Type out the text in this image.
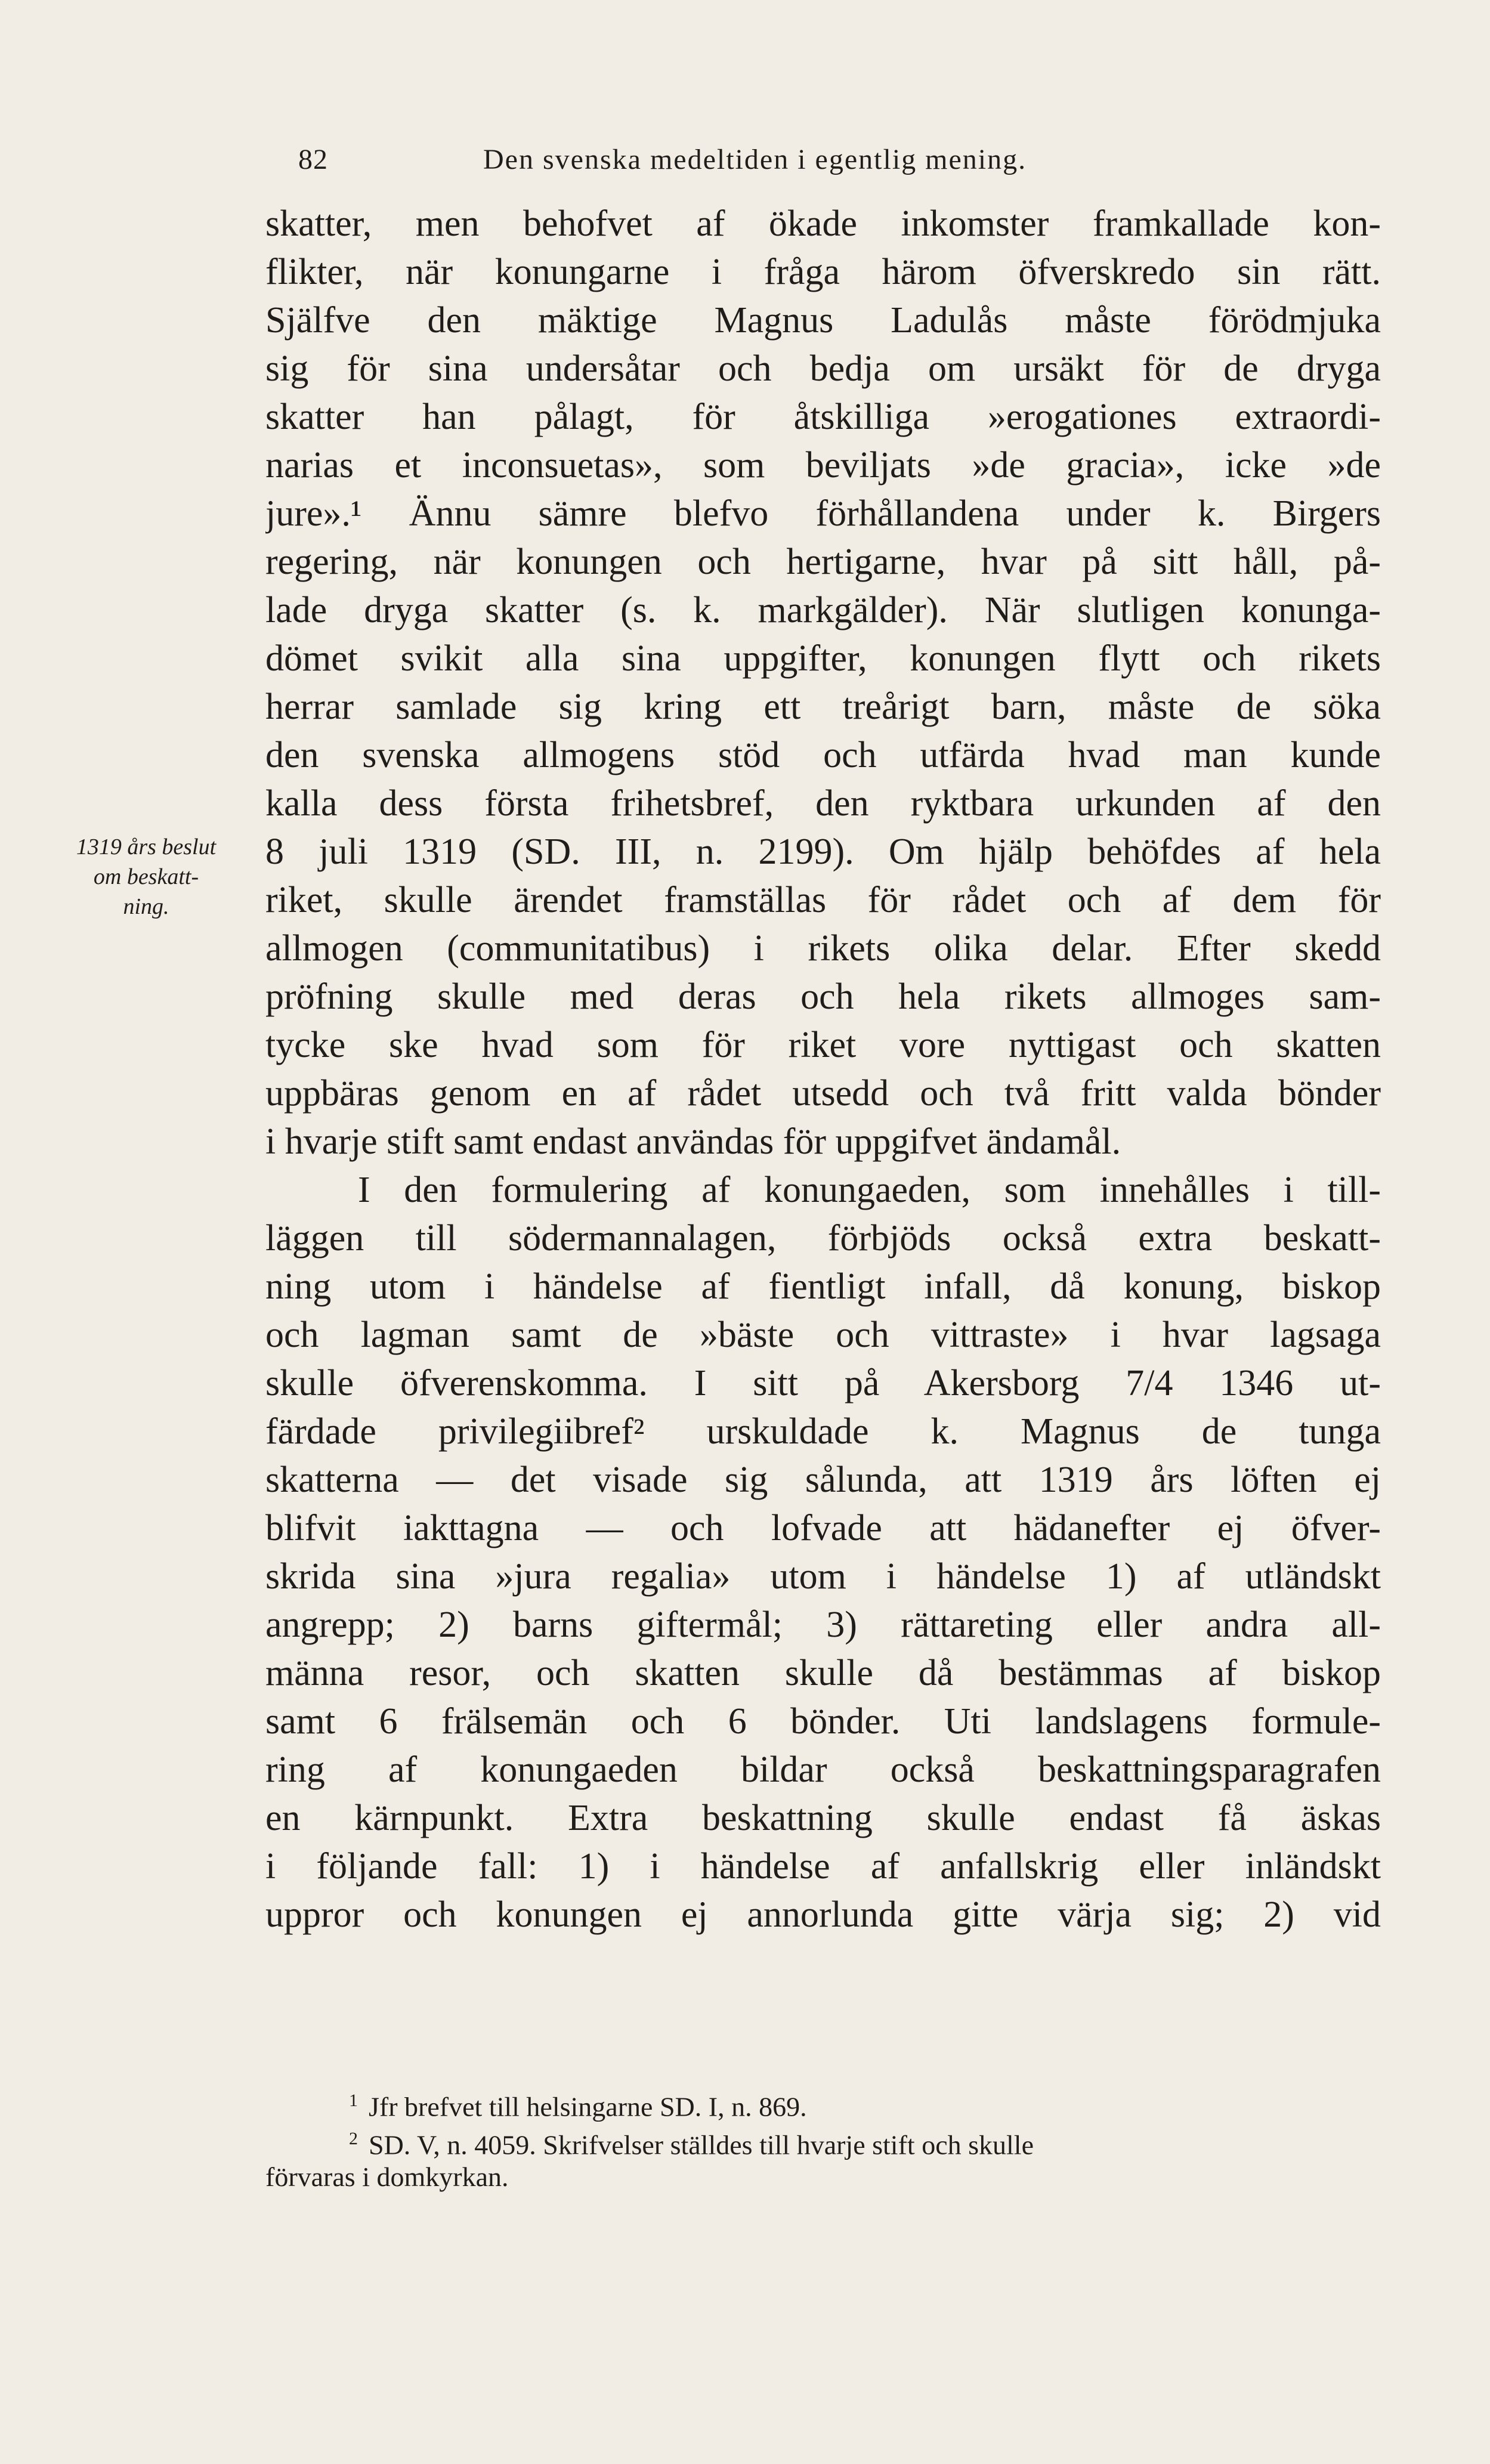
82	Den svenska medeltiden i egentlig mening.
1319 års beslut
om beskatt-
ning.
skatter, men behofvet af ökade inkomster framkallade kon-
flikter, när konungarne i fråga härom öfverskredo sin rätt.
Själfve den mäktige Magnus Ladulås måste förödmjuka
sig för sina undersåtar och bedja om ursäkt för de dryga
skatter han pålagt, för åtskilliga »erogationes extraordi-
narias et inconsuetas», som beviljats »de gracia», icke »de
jure».¹ Ännu sämre blefvo förhållandena under k. Birgers
regering, när konungen och hertigarne, hvar på sitt håll, på-
lade dryga skatter (s. k. markgälder). När slutligen konunga-
dömet svikit alla sina uppgifter, konungen flytt och rikets
herrar samlade sig kring ett treårigt barn, måste de söka
den svenska allmogens stöd och utfärda hvad man kunde
kalla dess första frihetsbref, den ryktbara urkunden af den
8 juli 1319 (SD. III, n. 2199). Om hjälp behöfdes af hela
riket, skulle ärendet framställas för rådet och af dem för
allmogen (communitatibus) i rikets olika delar. Efter skedd
pröfning skulle med deras och hela rikets allmoges sam-
tycke ske hvad som för riket vore nyttigast och skatten
uppbäras genom en af rådet utsedd och två fritt valda bönder
i hvarje stift samt endast användas för uppgifvet ändamål.
I den formulering af konungaeden, som innehålles i till-
läggen till södermannalagen, förbjöds också extra beskatt-
ning utom i händelse af fientligt infall, då konung, biskop
och lagman samt de »bäste och vittraste» i hvar lagsaga
skulle öfverenskomma. I sitt på Akersborg 7/4 1346 ut-
färdade privilegiibref² urskuldade k. Magnus de tunga
skatterna — det visade sig sålunda, att 1319 års löften ej
blifvit iakttagna — och lofvade att hädanefter ej öfver-
skrida sina »jura regalia» utom i händelse 1) af utländskt
angrepp; 2) barns giftermål; 3) rättareting eller andra all-
männa resor, och skatten skulle då bestämmas af biskop
samt 6 frälsemän och 6 bönder. Uti landslagens formule-
ring af konungaeden bildar också beskattningsparagrafen
en kärnpunkt. Extra beskattning skulle endast få äskas
i följande fall: 1) i händelse af anfallskrig eller inländskt
uppror och konungen ej annorlunda gitte värja sig; 2) vid
$^1$ Jfr brefvet till helsingarne SD. I, n. 869.
$^2$ SD. V, n. 4059. Skrifvelser ställdes till hvarje stift och skulle
förvaras i domkyrkan.
